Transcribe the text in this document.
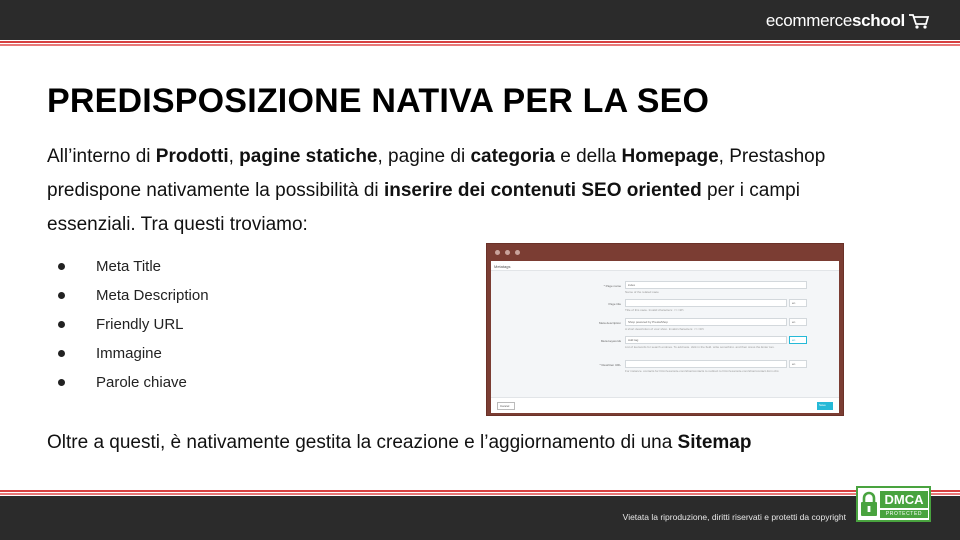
ecommerce school
PREDISPOSIZIONE NATIVA PER LA SEO

All’interno di Prodotti, pagine statiche, pagine di categoria e della Homepage, Prestashop predispone nativamente la possibilità di inserire dei contenuti SEO oriented per i campi essenziali. Tra questi troviamo:

Meta Title
Meta Description
Friendly URL
Immagine
Parole chiave
Metatags
* Page name	index
Name of the related page
Page title	en
Title of this page. Invalid characters: <>;=#{}
Meta description	Shop powered by PrestaShop	en
A short description of your shop. Invalid characters: <>;=#{}
Meta keywords	Add tag	en
List of keywords for search engines. To add tags, click in the field, write something, and then press the Enter key.
* Rewritten URL	en
For instance, contacts for http://example.com/shop/contacts to redirect to http://example.com/shop/contact-form.php
Cancel	Save

Oltre a questi, è nativamente gestita la creazione e l’aggiornamento di una Sitemap

Vietata la riproduzione, diritti riservati e protetti da copyright
DMCA
PROTECTED
